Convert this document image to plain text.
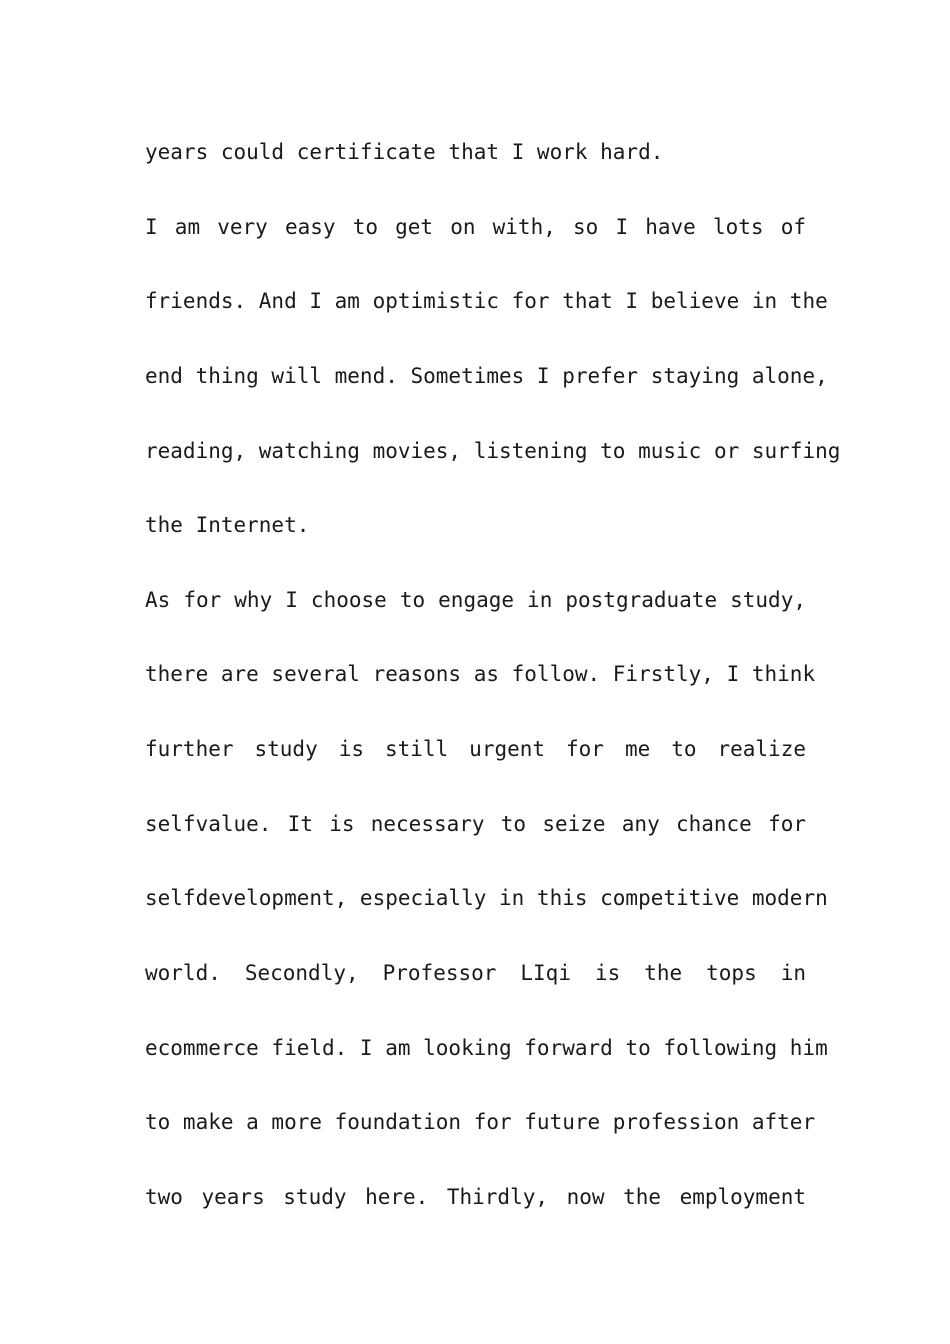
years could certificate that I work hard.
I am very easy to get on with, so I have lots of
friends. And I am optimistic for that I believe in the
end thing will mend. Sometimes I prefer staying alone,
reading, watching movies, listening to music or surfing
the Internet.
As for why I choose to engage in postgraduate study,
there are several reasons as follow. Firstly, I think
further study is still urgent for me to realize
selfvalue. It is necessary to seize any chance for
selfdevelopment, especially in this competitive modern
world. Secondly, Professor LIqi is the tops in
ecommerce field. I am looking forward to following him
to make a more foundation for future profession after
two years study here. Thirdly, now the employment
